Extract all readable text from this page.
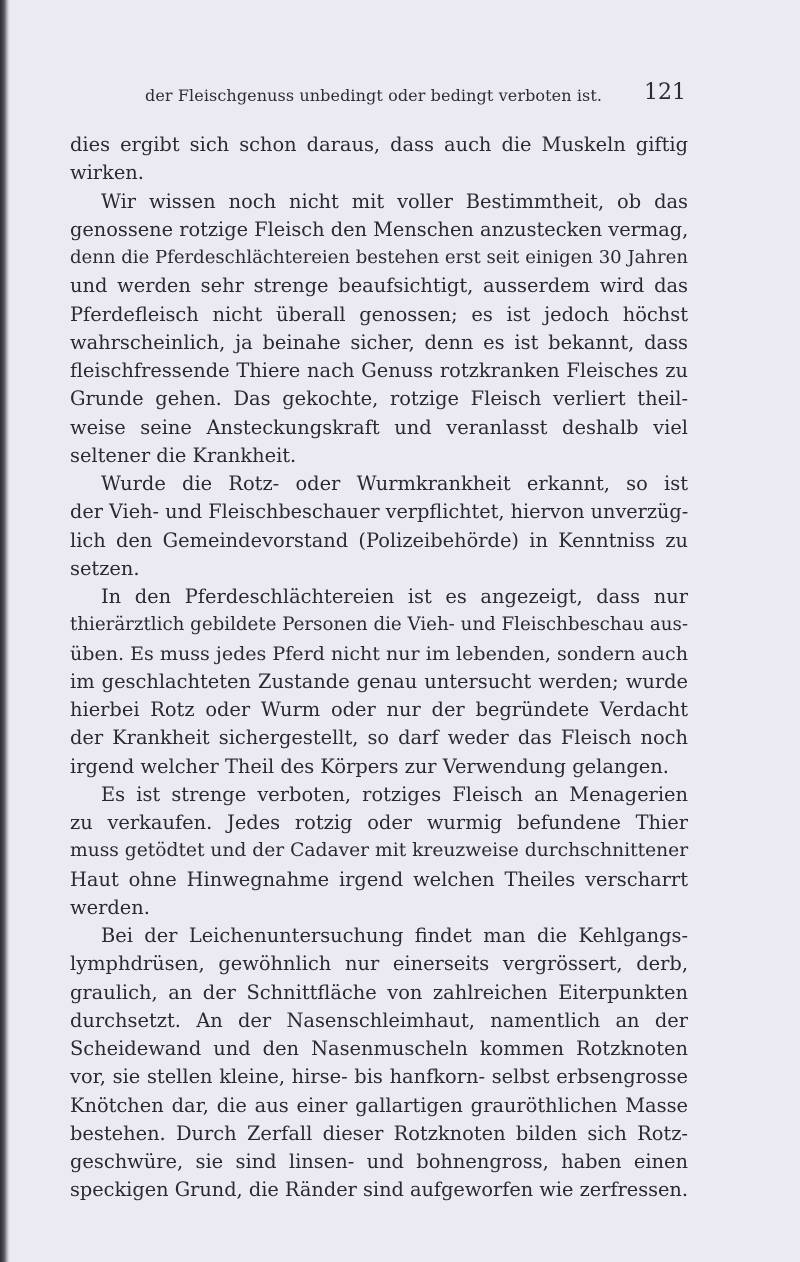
der Fleischgenuss unbedingt oder bedingt verboten ist.	121
dies ergibt sich schon daraus, dass auch die Muskeln giftig
wirken.
Wir wissen noch nicht mit voller Bestimmtheit, ob das
genossene rotzige Fleisch den Menschen anzustecken vermag,
denn die Pferdeschlächtereien bestehen erst seit einigen 30 Jahren
und werden sehr strenge beaufsichtigt, ausserdem wird das
Pferdefleisch nicht überall genossen; es ist jedoch höchst
wahrscheinlich, ja beinahe sicher, denn es ist bekannt, dass
fleischfressende Thiere nach Genuss rotzkranken Fleisches zu
Grunde gehen. Das gekochte, rotzige Fleisch verliert theil-
weise seine Ansteckungskraft und veranlasst deshalb viel
seltener die Krankheit.
Wurde die Rotz- oder Wurmkrankheit erkannt, so ist
der Vieh- und Fleischbeschauer verpflichtet, hiervon unverzüg-
lich den Gemeindevorstand (Polizeibehörde) in Kenntniss zu
setzen.
In den Pferdeschlächtereien ist es angezeigt, dass nur
thierärztlich gebildete Personen die Vieh- und Fleischbeschau aus-
üben. Es muss jedes Pferd nicht nur im lebenden, sondern auch
im geschlachteten Zustande genau untersucht werden; wurde
hierbei Rotz oder Wurm oder nur der begründete Verdacht
der Krankheit sichergestellt, so darf weder das Fleisch noch
irgend welcher Theil des Körpers zur Verwendung gelangen.
Es ist strenge verboten, rotziges Fleisch an Menagerien
zu verkaufen. Jedes rotzig oder wurmig befundene Thier
muss getödtet und der Cadaver mit kreuzweise durchschnittener
Haut ohne Hinwegnahme irgend welchen Theiles verscharrt
werden.
Bei der Leichenuntersuchung findet man die Kehlgangs-
lymphdrüsen, gewöhnlich nur einerseits vergrössert, derb,
graulich, an der Schnittfläche von zahlreichen Eiterpunkten
durchsetzt. An der Nasenschleimhaut, namentlich an der
Scheidewand und den Nasenmuscheln kommen Rotzknoten
vor, sie stellen kleine, hirse- bis hanfkorn- selbst erbsengrosse
Knötchen dar, die aus einer gallartigen grauröthlichen Masse
bestehen. Durch Zerfall dieser Rotzknoten bilden sich Rotz-
geschwüre, sie sind linsen- und bohnengross, haben einen
speckigen Grund, die Ränder sind aufgeworfen wie zerfressen.
